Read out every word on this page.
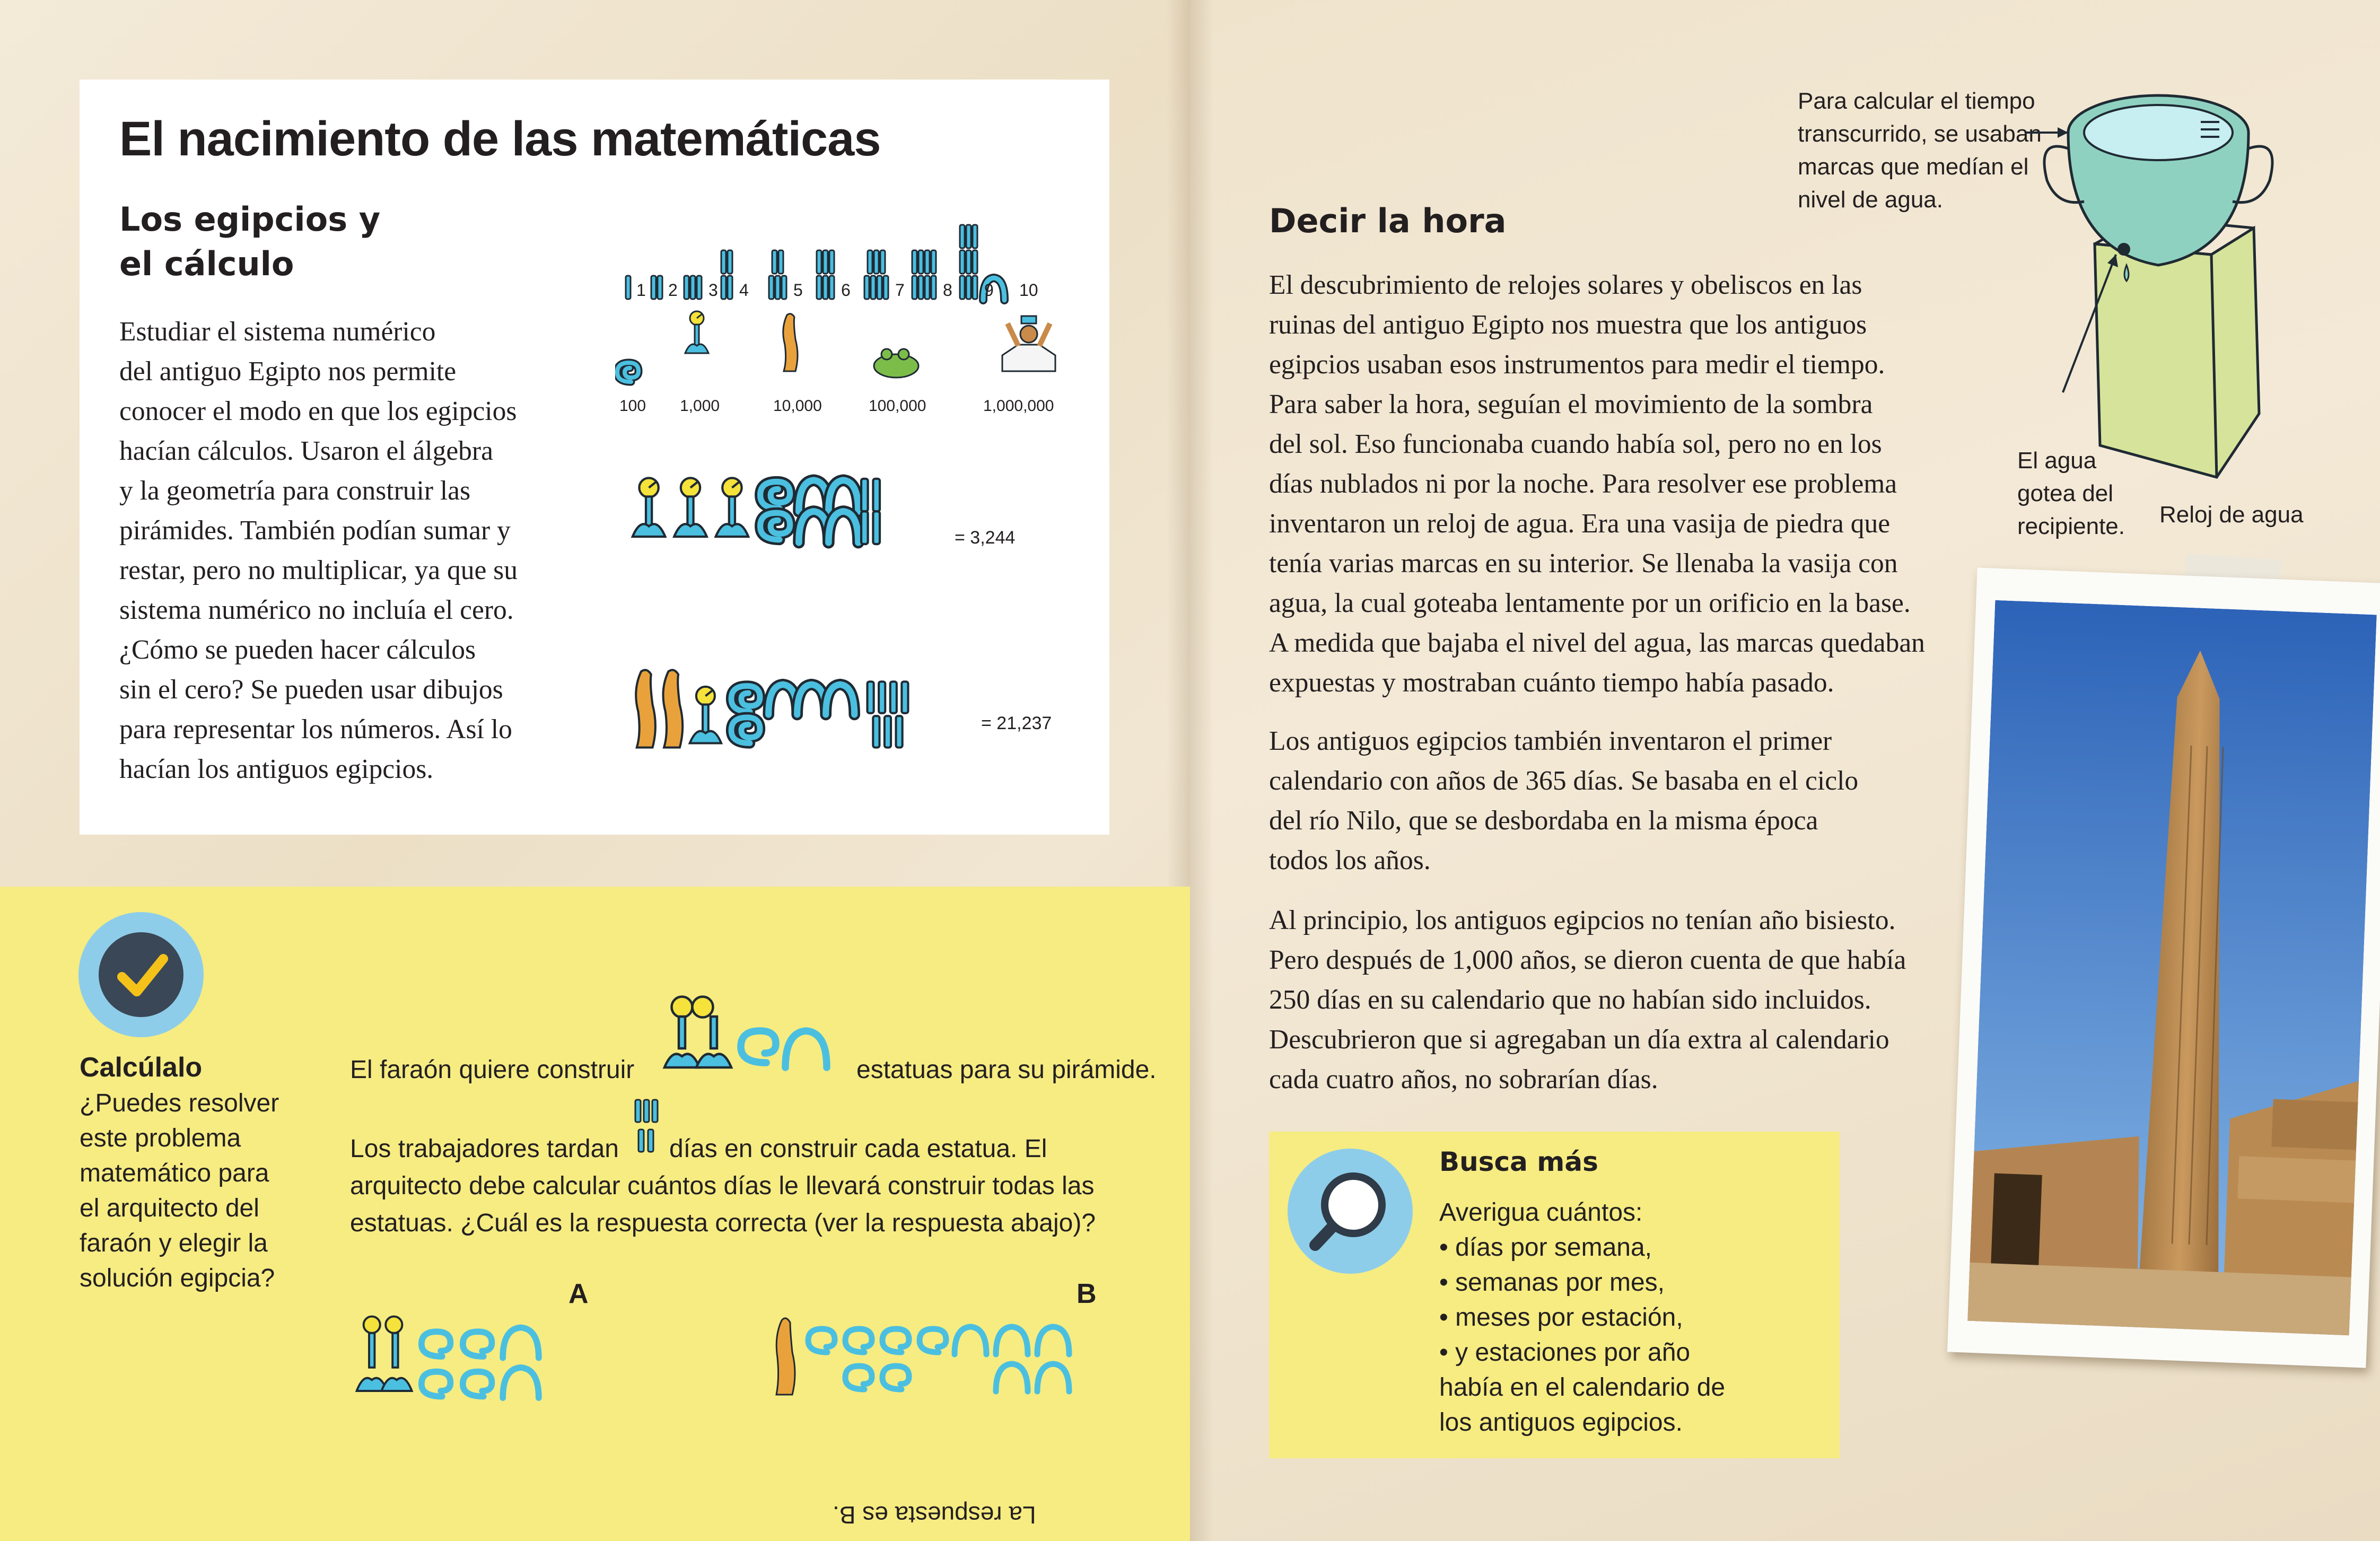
El nacimiento de las matemáticas
Los egipcios y
el cálculo
Estudiar el sistema numérico
del antiguo Egipto nos permite
conocer el modo en que los egipcios
hacían cálculos. Usaron el álgebra
y la geometría para construir las
pirámides. También podían sumar y
restar, pero no multiplicar, ya que su
sistema numérico no incluía el cero.
¿Cómo se pueden hacer cálculos
sin el cero? Se pueden usar dibujos
para representar los números. Así lo
hacían los antiguos egipcios.
1 2 3 4	5 6	7 8 9 10
100 1,000	10,000	100,000	1,000,000
= 3,244
= 21,237
Calcúlalo
¿Puedes resolver
este problema
matemático para
el arquitecto del
faraón y elegir la
solución egipcia?
El faraón quiere construir	estatuas para su pirámide.
Los trabajadores tardan días en construir cada estatua. El
arquitecto debe calcular cuántos días le llevará construir todas las
estatuas. ¿Cuál es la respuesta correcta (ver la respuesta abajo)?
A	B
La respuesta es B.
Decir la hora
El descubrimiento de relojes solares y obeliscos en las
ruinas del antiguo Egipto nos muestra que los antiguos
egipcios usaban esos instrumentos para medir el tiempo.
Para saber la hora, seguían el movimiento de la sombra
del sol. Eso funcionaba cuando había sol, pero no en los
días nublados ni por la noche. Para resolver ese problema
inventaron un reloj de agua. Era una vasija de piedra que
tenía varias marcas en su interior. Se llenaba la vasija con
agua, la cual goteaba lentamente por un orificio en la base.
A medida que bajaba el nivel del agua, las marcas quedaban
expuestas y mostraban cuánto tiempo había pasado.
Los antiguos egipcios también inventaron el primer
calendario con años de 365 días. Se basaba en el ciclo
del río Nilo, que se desbordaba en la misma época
todos los años.
Al principio, los antiguos egipcios no tenían año bisiesto.
Pero después de 1,000 años, se dieron cuenta de que había
250 días en su calendario que no habían sido incluidos.
Descubrieron que si agregaban un día extra al calendario
cada cuatro años, no sobrarían días.
Para calcular el tiempo
transcurrido, se usaban
marcas que medían el
nivel de agua.
El agua
gotea del
recipiente. Reloj de agua
Busca más
Averigua cuántos:
• días por semana,
• semanas por mes,
• meses por estación,
• y estaciones por año
había en el calendario de
los antiguos egipcios.
